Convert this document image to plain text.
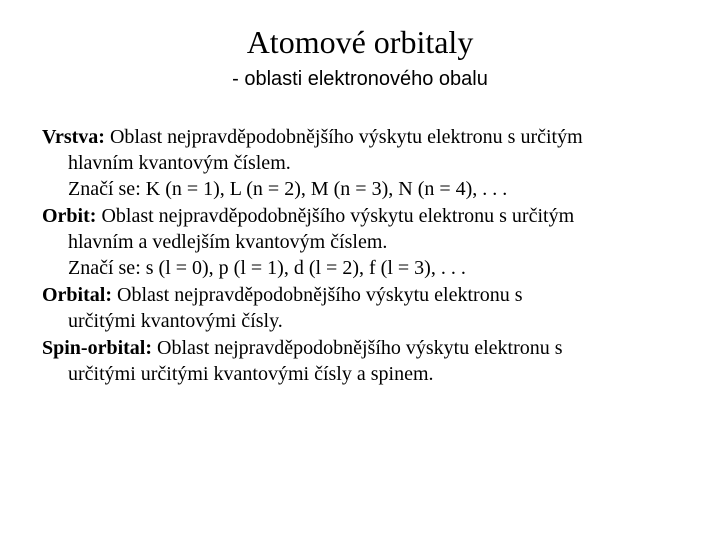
Atomové orbitaly
- oblasti elektronového obalu
Vrstva: Oblast nejpravděpodobnějšího výskytu elektronu s určitým
hlavním kvantovým číslem.
Značí se: K (n = 1), L (n = 2), M (n = 3), N (n = 4), . . .
Orbit: Oblast nejpravděpodobnějšího výskytu elektronu s určitým
hlavním a vedlejším kvantovým číslem.
Značí se: s (l = 0), p (l = 1), d (l = 2), f (l = 3), . . .
Orbital: Oblast nejpravděpodobnějšího výskytu elektronu s
určitými kvantovými čísly.
Spin-orbital: Oblast nejpravděpodobnějšího výskytu elektronu s
určitými určitými kvantovými čísly a spinem.
